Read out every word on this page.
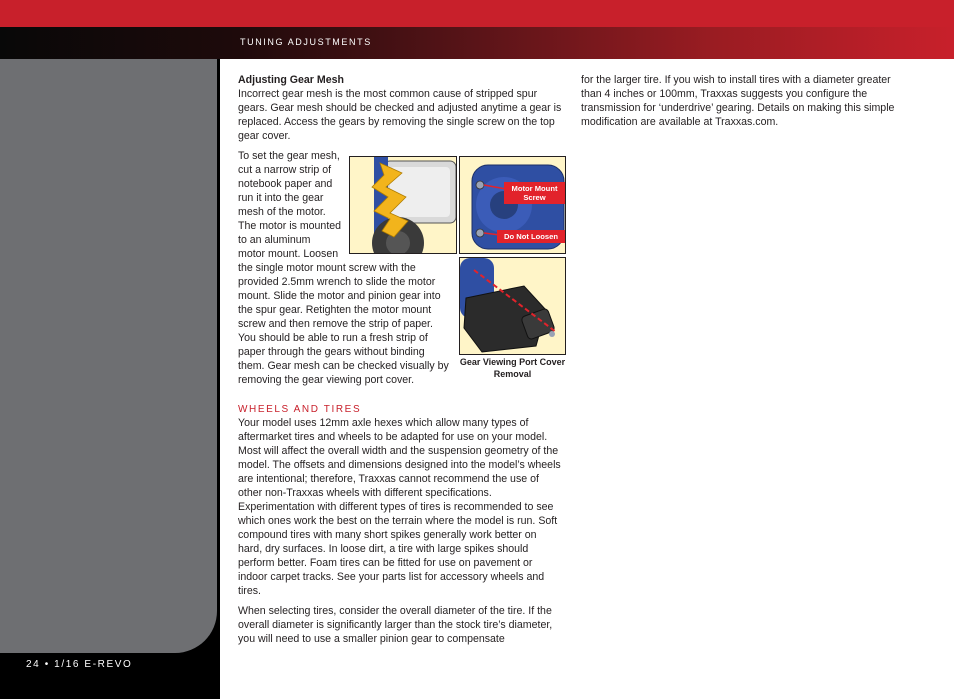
TUNING ADJUSTMENTS
24 • 1/16 E-REVO
Adjusting Gear Mesh

Incorrect gear mesh is the most common cause of stripped spur gears. Gear mesh should be checked and adjusted anytime a gear is replaced. Access the gears by removing the single screw on the top gear cover.

To set the gear mesh,
cut a narrow strip of
notebook paper and
run it into the gear
mesh of the motor.
The motor is mounted
to an aluminum
motor mount. Loosen

the single motor mount screw with the provided 2.5mm wrench to slide the motor mount. Slide the motor and pinion gear into the spur gear. Retighten the motor mount screw and then remove the strip of paper. You should be able to run a fresh strip of paper through the gears without binding them. Gear mesh can be checked visually by removing the gear viewing port cover.

WHEELS AND TIRES

Your model uses 12mm axle hexes which allow many types of aftermarket tires and wheels to be adapted for use on your model. Most will affect the overall width and the suspension geometry of the model. The offsets and dimensions designed into the model’s wheels are intentional; therefore, Traxxas cannot recommend the use of other non-Traxxas wheels with different specifications. Experimentation with different types of tires is recommended to see which ones work the best on the terrain where the model is run. Soft compound tires with many short spikes generally work better on hard, dry surfaces. In loose dirt, a tire with large spikes should perform better. Foam tires can be fitted for use on pavement or indoor carpet tracks. See your parts list for accessory wheels and tires.

When selecting tires, consider the overall diameter of the tire. If the overall diameter is significantly larger than the stock tire’s diameter, you will need to use a smaller pinion gear to compensate

for the larger tire. If you wish to install tires with a diameter greater than 4 inches or 100mm, Traxxas suggests you configure the transmission for ‘underdrive’ gearing. Details on making this simple modification are available at Traxxas.com.

Motor Mount Screw
Do Not Loosen
Gear Viewing Port Cover Removal
